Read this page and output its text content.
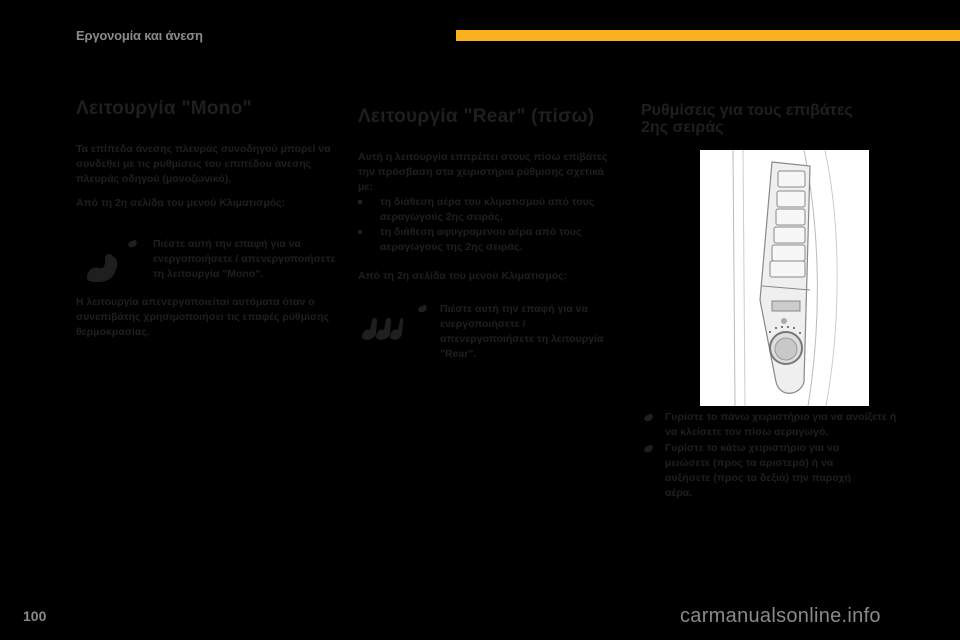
Εργονομία και άνεση
Λειτουργία "Mono"

Τα επίπεδα άνεσης πλευράς συνοδηγού μπορεί να συνδεθεί με τις ρυθμίσεις του επιπέδου άνεσης πλευράς οδηγού (μονοζωνικό).

Από τη 2η σελίδα του μενού Κλιματισμός:

Πιέστε αυτή την επαφή για να ενεργοποιήσετε / απενεργοποιήσετε τη λειτουργία "Mono".

Η λειτουργία απενεργοποιείται αυτόματα όταν ο συνεπιβάτης χρησιμοποιήσει τις επαφές ρύθμισης θερμοκρασίας.

Λειτουργία "Rear" (πίσω)

Αυτή η λειτουργία επιτρέπει στους πίσω επιβάτες την πρόσβαση στα χειριστήρια ρύθμισης σχετικά με:

τη διάθεση αέρα του κλιματισμού από τους αεραγωγούς 2ης σειράς,

τη διάθεση αφυγραμένου αέρα από τους αεραγωγούς της 2ης σειράς.

Από τη 2η σελίδα του μενού Κλιματισμός:

Πιέστε αυτή την επαφή για να ενεργοποιήσετε / απενεργοποιήσετε τη λειτουργία "Rear".

Ρυθμίσεις για τους επιβάτες
2ης σειράς

Γυρίστε το πάνω χειριστήριο για να ανοίξετε ή να κλείσετε τον πίσω αεραγωγό.

Γυρίστε το κάτω χειριστήριο για να μειώσετε (προς τα αριστερά) ή να αυξήσετε (προς τα δεξιά) την παροχή αέρα.

100	carmanualsonline.info
